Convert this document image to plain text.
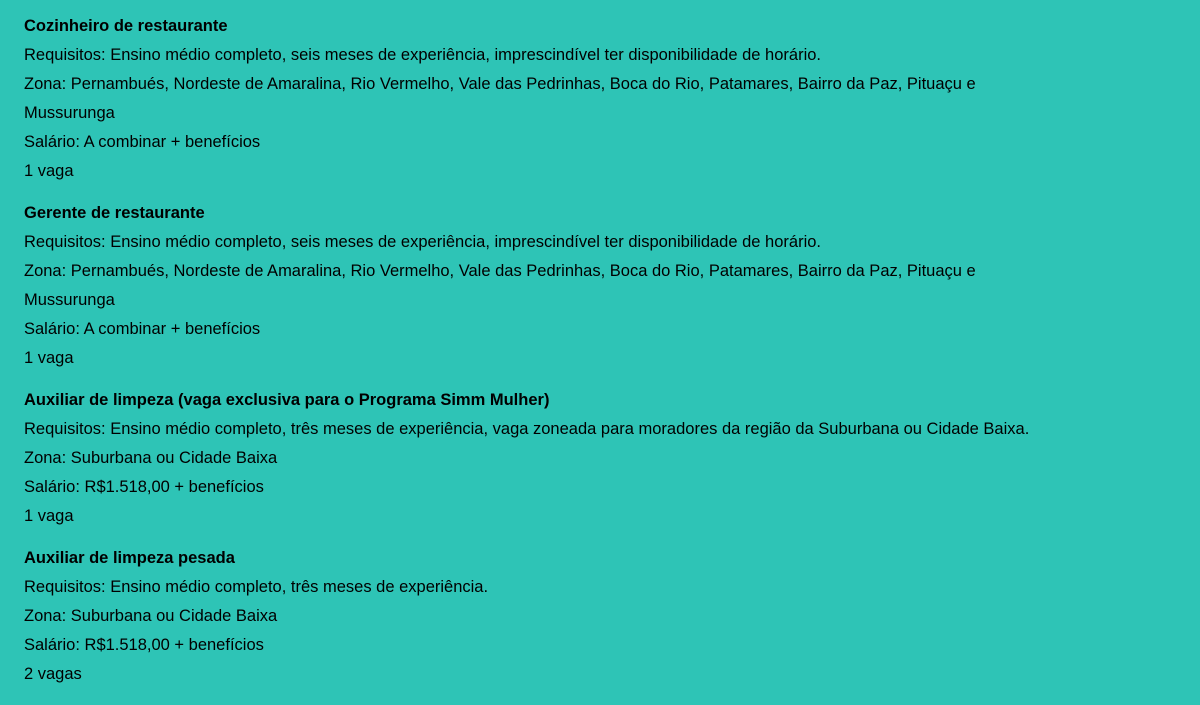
Cozinheiro de restaurante
Requisitos: Ensino médio completo, seis meses de experiência, imprescindível ter disponibilidade de horário.
Zona: Pernambués, Nordeste de Amaralina, Rio Vermelho, Vale das Pedrinhas, Boca do Rio, Patamares, Bairro da Paz, Pituaçu e Mussurunga
Salário: A combinar + benefícios
1 vaga
Gerente de restaurante
Requisitos: Ensino médio completo, seis meses de experiência, imprescindível ter disponibilidade de horário.
Zona: Pernambués, Nordeste de Amaralina, Rio Vermelho, Vale das Pedrinhas, Boca do Rio, Patamares, Bairro da Paz, Pituaçu e Mussurunga
Salário: A combinar + benefícios
1 vaga
Auxiliar de limpeza (vaga exclusiva para o Programa Simm Mulher)
Requisitos: Ensino médio completo, três meses de experiência, vaga zoneada para moradores da região da Suburbana ou Cidade Baixa.
Zona: Suburbana ou Cidade Baixa
Salário: R$1.518,00 + benefícios
1 vaga
Auxiliar de limpeza pesada
Requisitos: Ensino médio completo, três meses de experiência.
Zona: Suburbana ou Cidade Baixa
Salário: R$1.518,00 + benefícios
2 vagas
